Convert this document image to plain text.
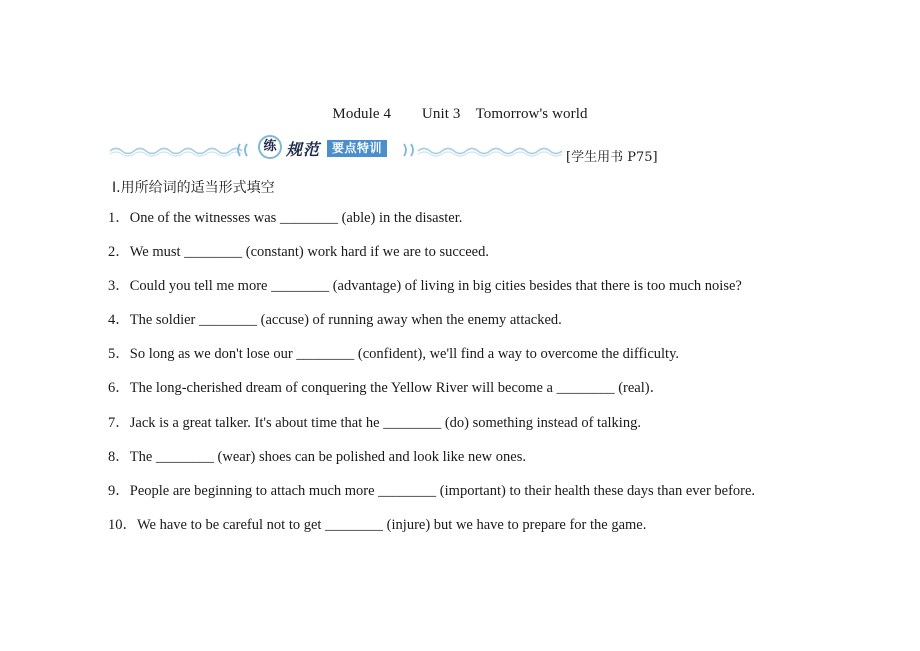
Module 4        Unit 3    Tomorrow's world
练 规范 要点特训
[学生用书 P75]
Ⅰ.用所给词的适当形式填空
1．One of the witnesses was ________ (able) in the disaster.
2．We must ________ (constant) work hard if we are to succeed.
3．Could you tell me more ________ (advantage) of living in big cities besides that there is too much noise?
4．The soldier ________ (accuse) of running away when the enemy attacked.
5．So long as we don't lose our ________ (confident), we'll find a way to overcome the difficulty.
6．The long‑cherished dream of conquering the Yellow River will become a ________ (real)．
7．Jack is a great talker. It's about time that he ________ (do) something instead of talking.
8．The ________ (wear) shoes can be polished and look like new ones.
9．People are beginning to attach much more ________ (important) to their health these days than ever before.
10．We have to be careful not to get ________ (injure) but we have to prepare for the game.
